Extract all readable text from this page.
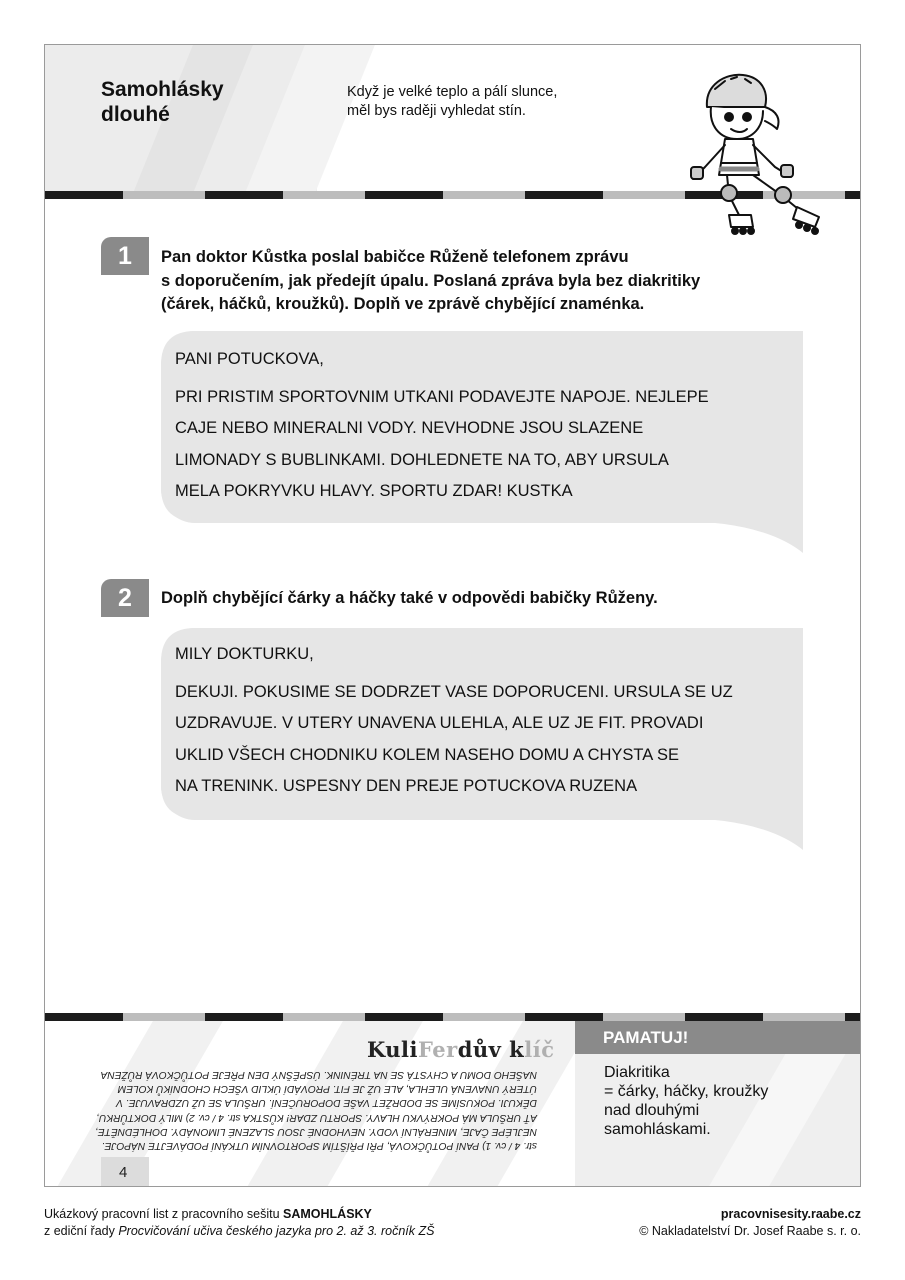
Samohlásky
dlouhé
Když je velké teplo a pálí slunce,
měl bys raději vyhledat stín.
1	Pan doktor Kůstka poslal babičce Růženě telefonem zprávu
s doporučením, jak předejít úpalu. Poslaná zpráva byla bez diakritiky
(čárek, háčků, kroužků). Doplň ve zprávě chybějící znaménka.
PANI POTUCKOVA,
PRI PRISTIM SPORTOVNIM UTKANI PODAVEJTE NAPOJE. NEJLEPE
CAJE NEBO MINERALNI VODY. NEVHODNE JSOU SLAZENE
LIMONADY S BUBLINKAMI. DOHLEDNETE NA TO, ABY URSULA
MELA POKRYVKU HLAVY. SPORTU ZDAR! KUSTKA
2	Doplň chybějící čárky a háčky také v odpovědi babičky Růženy.
MILY DOKTURKU,
DEKUJI. POKUSIME SE DODRZET VASE DOPORUCENI. URSULA SE UZ
UZDRAVUJE. V UTERY UNAVENA ULEHLA, ALE UZ JE FIT. PROVADI
UKLID VŠECH CHODNIKU KOLEM NASEHO DOMU A CHYSTA SE
NA TRENINK. USPESNY DEN PREJE POTUCKOVA RUZENA
KuliFerdův klíč
str. 4 / cv. 1) PANÍ POTŮČKOVÁ, PŘI PŘÍŠTÍM SPORTOVNÍM UTKÁNÍ PODÁVEJTE NÁPOJE. NEJLÉPE ČAJE, MINERÁLNÍ VODY. NEVHODNÉ JSOU SLAZENÉ LIMONÁDY. DOHLÉDNĚTE, AŤ URŠULA MÁ POKRÝVKU HLAVY. SPORTU ZDAR! KŮSTKA str. 4 / cv. 2) MILÝ DOKTŮRKU, DĚKUJI. POKUSÍME SE DODRŽET VAŠE DOPORUČENÍ. URŠULA SE UŽ UZDRAVUJE. V ÚTERÝ UNAVENÁ ULEHLA, ALE UŽ JE FIT. PROVÁDÍ ÚKLID VŠECH CHODNÍKŮ KOLEM NAŠEHO DOMU A CHYSTÁ SE NA TRÉNINK. ÚSPĚŠNÝ DEN PŘEJE POTŮČKOVÁ RŮŽENA
PAMATUJ!
Diakritika
= čárky, háčky, kroužky
nad dlouhými
samohláskami.
4
Ukázkový pracovní list z pracovního sešitu SAMOHLÁSKY
z ediční řady Procvičování učiva českého jazyka pro 2. až 3. ročník ZŠ
pracovnisesity.raabe.cz
© Nakladatelství Dr. Josef Raabe s. r. o.
